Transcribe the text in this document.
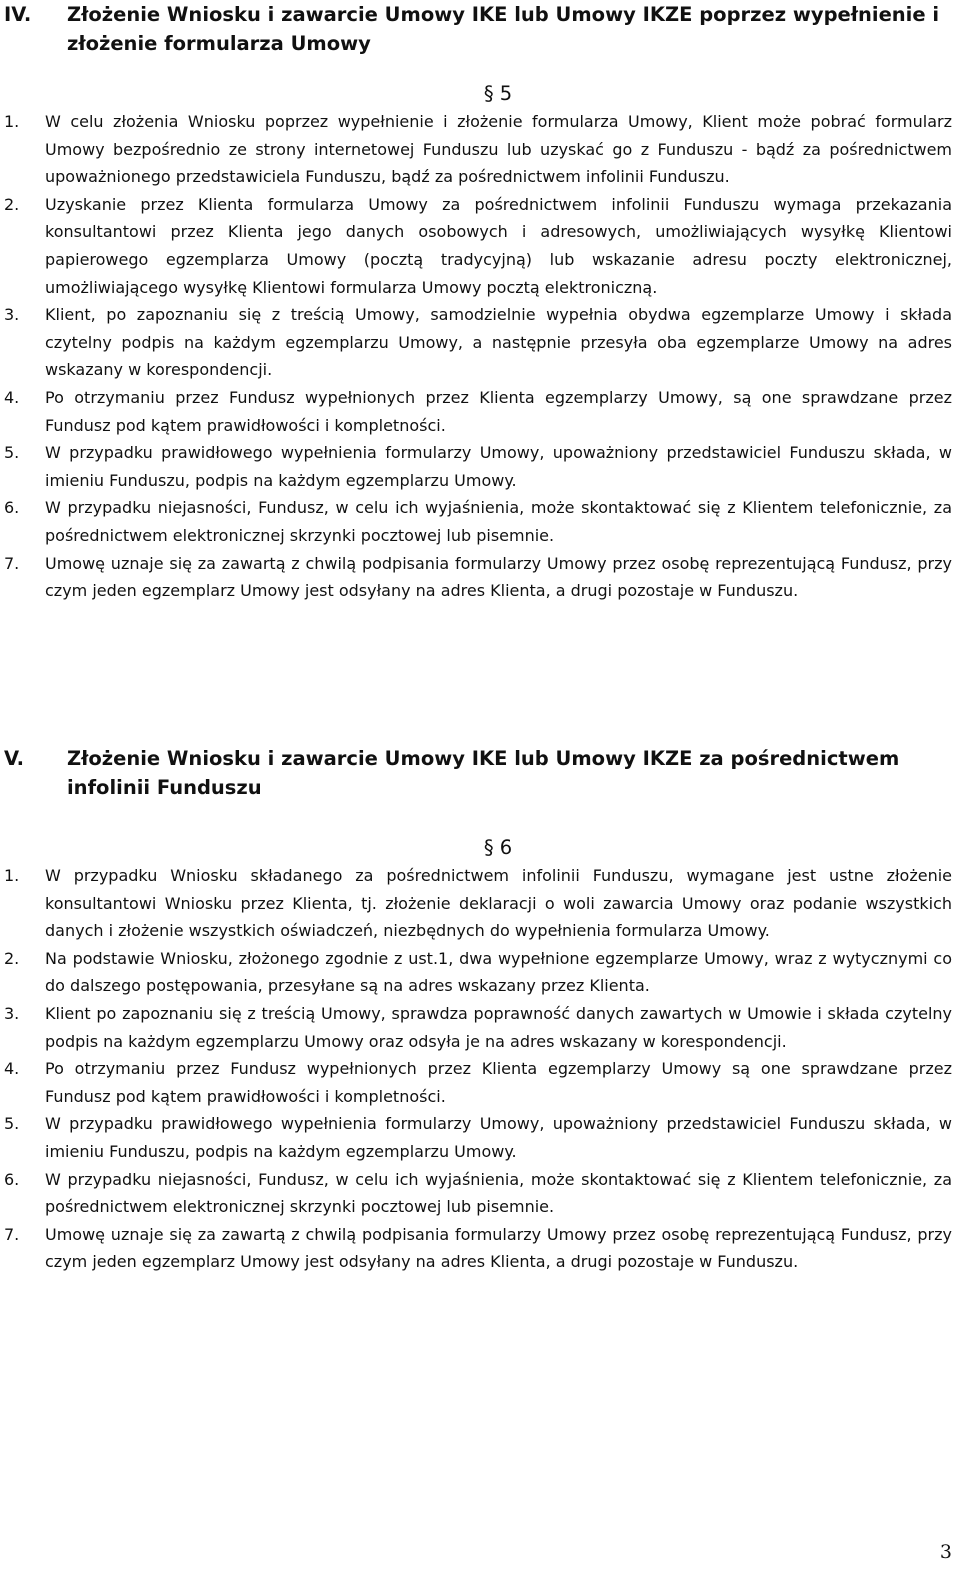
IV.	Złożenie Wniosku i zawarcie Umowy IKE lub Umowy IKZE poprzez wypełnienie i złożenie formularza Umowy
§ 5
1.	W celu złożenia Wniosku poprzez wypełnienie i złożenie formularza Umowy, Klient może pobrać formularz Umowy bezpośrednio ze strony internetowej Funduszu lub uzyskać go z Funduszu - bądź za pośrednictwem upoważnionego przedstawiciela Funduszu, bądź za pośrednictwem infolinii Funduszu.
2.	Uzyskanie przez Klienta formularza Umowy za pośrednictwem infolinii Funduszu wymaga przekazania konsultantowi przez Klienta jego danych osobowych i adresowych, umożliwiających wysyłkę Klientowi papierowego egzemplarza Umowy (pocztą tradycyjną) lub wskazanie adresu poczty elektronicznej, umożliwiającego wysyłkę Klientowi formularza Umowy pocztą elektroniczną.
3.	Klient, po zapoznaniu się z treścią Umowy, samodzielnie wypełnia obydwa egzemplarze Umowy i składa czytelny podpis na każdym egzemplarzu Umowy, a następnie przesyła oba egzemplarze Umowy na adres wskazany w korespondencji.
4.	Po otrzymaniu przez Fundusz wypełnionych przez Klienta egzemplarzy Umowy, są one sprawdzane przez Fundusz pod kątem prawidłowości i kompletności.
5.	W przypadku prawidłowego wypełnienia formularzy Umowy, upoważniony przedstawiciel Funduszu składa, w imieniu Funduszu, podpis na każdym egzemplarzu Umowy.
6.	W przypadku niejasności, Fundusz, w celu ich wyjaśnienia, może skontaktować się z Klientem telefonicznie, za pośrednictwem elektronicznej skrzynki pocztowej lub pisemnie.
7.	Umowę uznaje się za zawartą z chwilą podpisania formularzy Umowy przez osobę reprezentującą Fundusz, przy czym jeden egzemplarz Umowy jest odsyłany na adres Klienta, a drugi pozostaje w Funduszu.
V.	Złożenie Wniosku i zawarcie Umowy IKE lub Umowy IKZE za pośrednictwem infolinii Funduszu
§ 6
1.	W przypadku Wniosku składanego za pośrednictwem infolinii Funduszu, wymagane jest ustne złożenie konsultantowi Wniosku przez Klienta, tj. złożenie deklaracji o woli zawarcia Umowy oraz podanie wszystkich danych i złożenie wszystkich oświadczeń, niezbędnych do wypełnienia formularza Umowy.
2.	Na podstawie Wniosku, złożonego zgodnie z ust.1, dwa wypełnione egzemplarze Umowy, wraz z wytycznymi co do dalszego postępowania, przesyłane są na adres wskazany przez Klienta.
3.	Klient po zapoznaniu się z treścią Umowy, sprawdza poprawność danych zawartych w Umowie i składa czytelny podpis na każdym egzemplarzu Umowy oraz odsyła je na adres wskazany w korespondencji.
4.	Po otrzymaniu przez Fundusz wypełnionych przez Klienta egzemplarzy Umowy są one sprawdzane przez Fundusz pod kątem prawidłowości i kompletności.
5.	W przypadku prawidłowego wypełnienia formularzy Umowy, upoważniony przedstawiciel Funduszu składa, w imieniu Funduszu, podpis na każdym egzemplarzu Umowy.
6.	W przypadku niejasności, Fundusz, w celu ich wyjaśnienia, może skontaktować się z Klientem telefonicznie, za pośrednictwem elektronicznej skrzynki pocztowej lub pisemnie.
7.	Umowę uznaje się za zawartą z chwilą podpisania formularzy Umowy przez osobę reprezentującą Fundusz, przy czym jeden egzemplarz Umowy jest odsyłany na adres Klienta, a drugi pozostaje w Funduszu.
3
